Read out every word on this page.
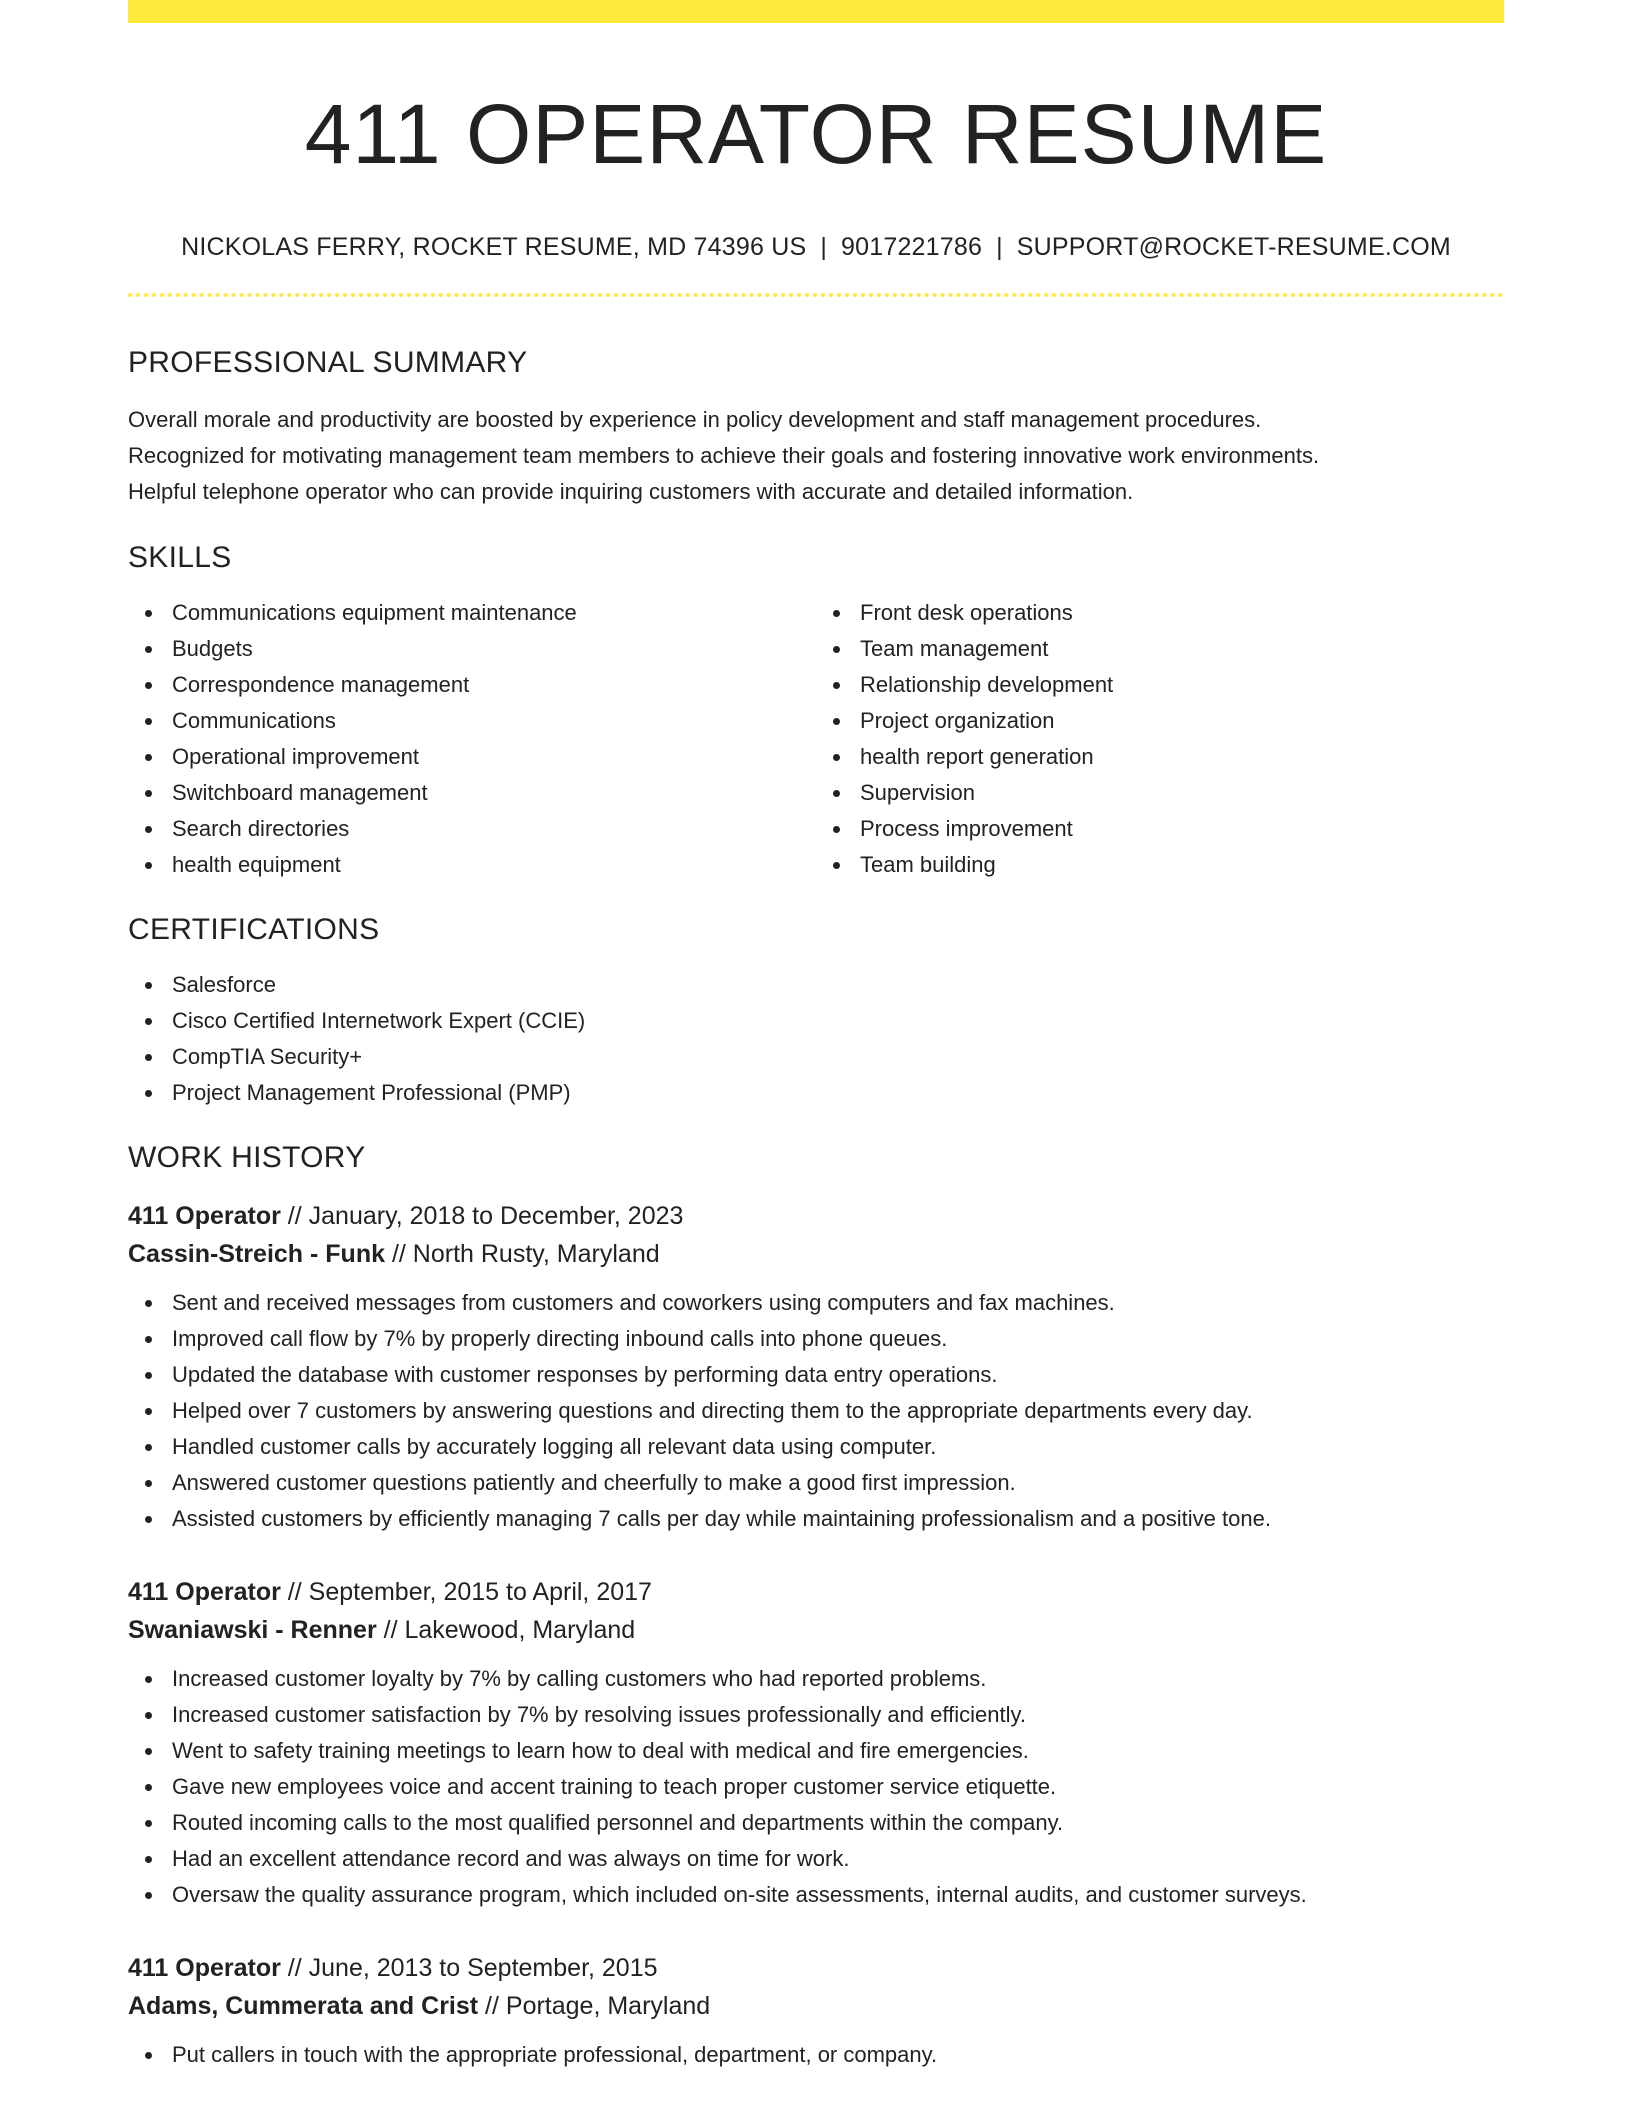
411 OPERATOR RESUME
NICKOLAS FERRY, ROCKET RESUME, MD 74396 US | 9017221786 | SUPPORT@ROCKET-RESUME.COM
PROFESSIONAL SUMMARY
Overall morale and productivity are boosted by experience in policy development and staff management procedures.
Recognized for motivating management team members to achieve their goals and fostering innovative work environments.
Helpful telephone operator who can provide inquiring customers with accurate and detailed information.
SKILLS
Communications equipment maintenance
Budgets
Correspondence management
Communications
Operational improvement
Switchboard management
Search directories
health equipment
Front desk operations
Team management
Relationship development
Project organization
health report generation
Supervision
Process improvement
Team building
CERTIFICATIONS
Salesforce
Cisco Certified Internetwork Expert (CCIE)
CompTIA Security+
Project Management Professional (PMP)
WORK HISTORY
411 Operator // January, 2018 to December, 2023
Cassin-Streich - Funk // North Rusty, Maryland
Sent and received messages from customers and coworkers using computers and fax machines.
Improved call flow by 7% by properly directing inbound calls into phone queues.
Updated the database with customer responses by performing data entry operations.
Helped over 7 customers by answering questions and directing them to the appropriate departments every day.
Handled customer calls by accurately logging all relevant data using computer.
Answered customer questions patiently and cheerfully to make a good first impression.
Assisted customers by efficiently managing 7 calls per day while maintaining professionalism and a positive tone.
411 Operator // September, 2015 to April, 2017
Swaniawski - Renner // Lakewood, Maryland
Increased customer loyalty by 7% by calling customers who had reported problems.
Increased customer satisfaction by 7% by resolving issues professionally and efficiently.
Went to safety training meetings to learn how to deal with medical and fire emergencies.
Gave new employees voice and accent training to teach proper customer service etiquette.
Routed incoming calls to the most qualified personnel and departments within the company.
Had an excellent attendance record and was always on time for work.
Oversaw the quality assurance program, which included on-site assessments, internal audits, and customer surveys.
411 Operator // June, 2013 to September, 2015
Adams, Cummerata and Crist // Portage, Maryland
Put callers in touch with the appropriate professional, department, or company.
